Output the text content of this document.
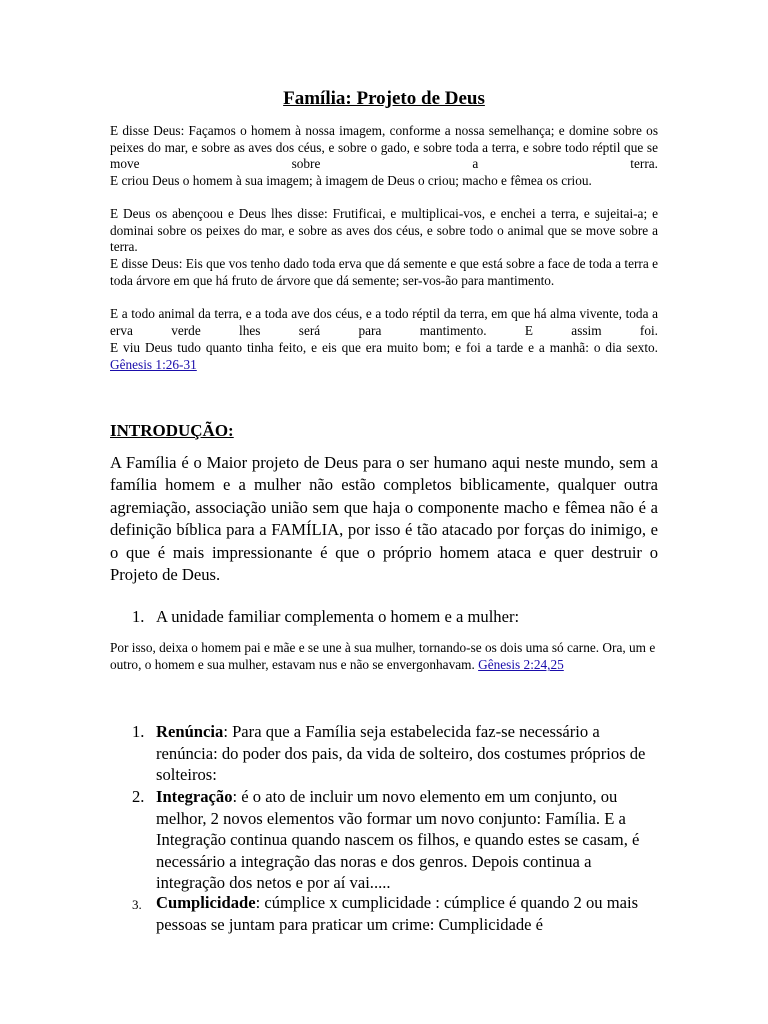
Família: Projeto de Deus

E disse Deus: Façamos o homem à nossa imagem, conforme a nossa semelhança; e domine sobre os peixes do mar, e sobre as aves dos céus, e sobre o gado, e sobre toda a terra, e sobre todo réptil que se move sobre a terra.

E criou Deus o homem à sua imagem; à imagem de Deus o criou; macho e fêmea os criou.

E Deus os abençoou e Deus lhes disse: Frutificai, e multiplicai-vos, e enchei a terra, e sujeitai-a; e dominai sobre os peixes do mar, e sobre as aves dos céus, e sobre todo o animal que se move sobre a terra.

E disse Deus: Eis que vos tenho dado toda erva que dá semente e que está sobre a face de toda a terra e toda árvore em que há fruto de árvore que dá semente; ser-vos-ão para mantimento.

E a todo animal da terra, e a toda ave dos céus, e a todo réptil da terra, em que há alma vivente, toda a erva verde lhes será para mantimento. E assim foi.

E viu Deus tudo quanto tinha feito, e eis que era muito bom; e foi a tarde e a manhã: o dia sexto. Gênesis 1:26-31

INTRODUÇÃO:

A Família é o Maior projeto de Deus para o ser humano aqui neste mundo, sem a família homem e a mulher não estão completos biblicamente, qualquer outra agremiação, associação união sem que haja o componente macho e fêmea não é a definição bíblica para a FAMÍLIA, por isso é tão atacado por forças do inimigo, e o que é mais impressionante é que o próprio homem ataca e quer destruir o Projeto de Deus.

1. A unidade familiar complementa o homem e a mulher:

Por isso, deixa o homem pai e mãe e se une à sua mulher, tornando-se os dois uma só carne. Ora, um e outro, o homem e sua mulher, estavam nus e não se envergonhavam. Gênesis 2:24,25

1. Renúncia: Para que a Família seja estabelecida faz-se necessário a renúncia: do poder dos pais, da vida de solteiro, dos costumes próprios de solteiros:
2. Integração: é o ato de incluir um novo elemento em um conjunto, ou melhor, 2 novos elementos vão formar um novo conjunto: Família. E a Integração continua quando nascem os filhos, e quando estes se casam, é necessário a integração das noras e dos genros. Depois continua a integração dos netos e por aí vai.....
3. Cumplicidade: cúmplice x cumplicidade : cúmplice é quando 2 ou mais pessoas se juntam para praticar um crime: Cumplicidade é
